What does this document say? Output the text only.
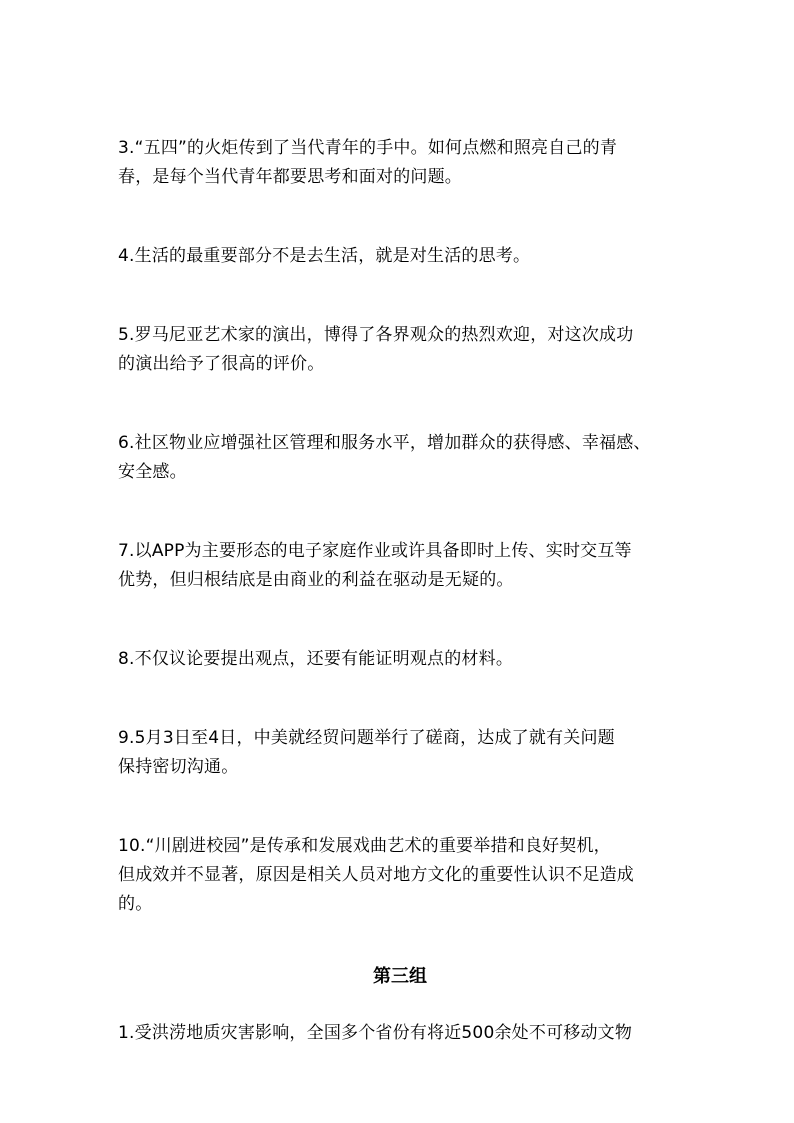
3.“五四”的火炬传到了当代青年的手中。如何点燃和照亮自己的青

春，是每个当代青年都要思考和面对的问题。

4.生活的最重要部分不是去生活，就是对生活的思考。

5.罗马尼亚艺术家的演出，博得了各界观众的热烈欢迎，对这次成功

的演出给予了很高的评价。

6.社区物业应增强社区管理和服务水平，增加群众的获得感、幸福感、

安全感。

7.以APP为主要形态的电子家庭作业或许具备即时上传、实时交互等

优势，但归根结底是由商业的利益在驱动是无疑的。

8.不仅议论要提出观点，还要有能证明观点的材料。

9.5月3日至4日，中美就经贸问题举行了磋商，达成了就有关问题

保持密切沟通。

10.“川剧进校园”是传承和发展戏曲艺术的重要举措和良好契机，

但成效并不显著，原因是相关人员对地方文化的重要性认识不足造成

的。

第三组

1.受洪涝地质灾害影响，全国多个省份有将近500余处不可移动文物
